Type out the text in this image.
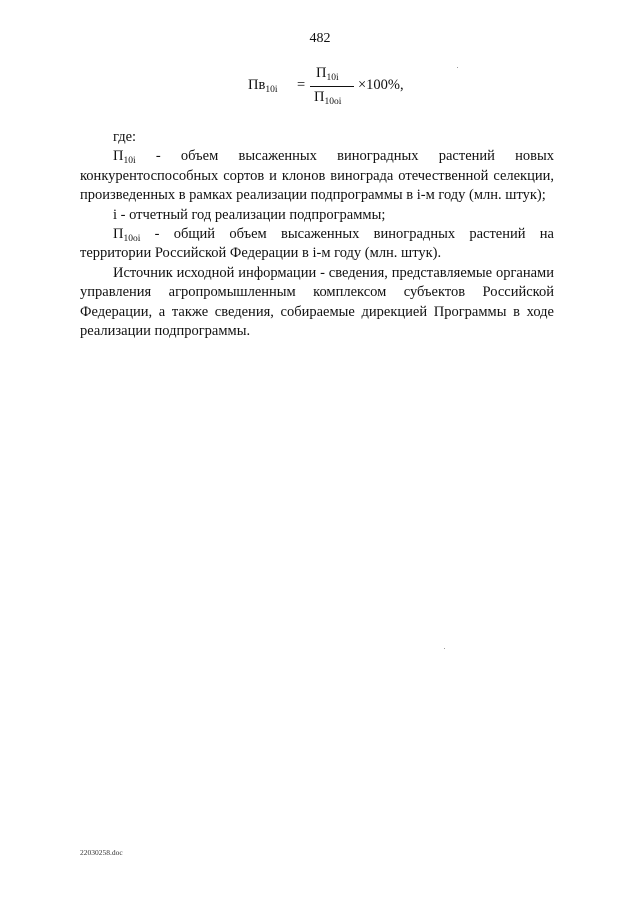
482
$Пв_{10i}$ =
$П_{10i}$
$П_{10оi}$
×100%,

где:

$П_{10i}$ - объем высаженных виноградных растений новых конкурентоспособных сортов и клонов винограда отечественной селекции, произведенных в рамках реализации подпрограммы в i-м году (млн. штук);

i - отчетный год реализации подпрограммы;

$П_{10оi}$ - общий объем высаженных виноградных растений на территории Российской Федерации в i-м году (млн. штук).

Источник исходной информации - сведения, представляемые органами управления агропромышленным комплексом субъектов Российской Федерации, а также сведения, собираемые дирекцией Программы в ходе реализации подпрограммы.

22030258.doc
